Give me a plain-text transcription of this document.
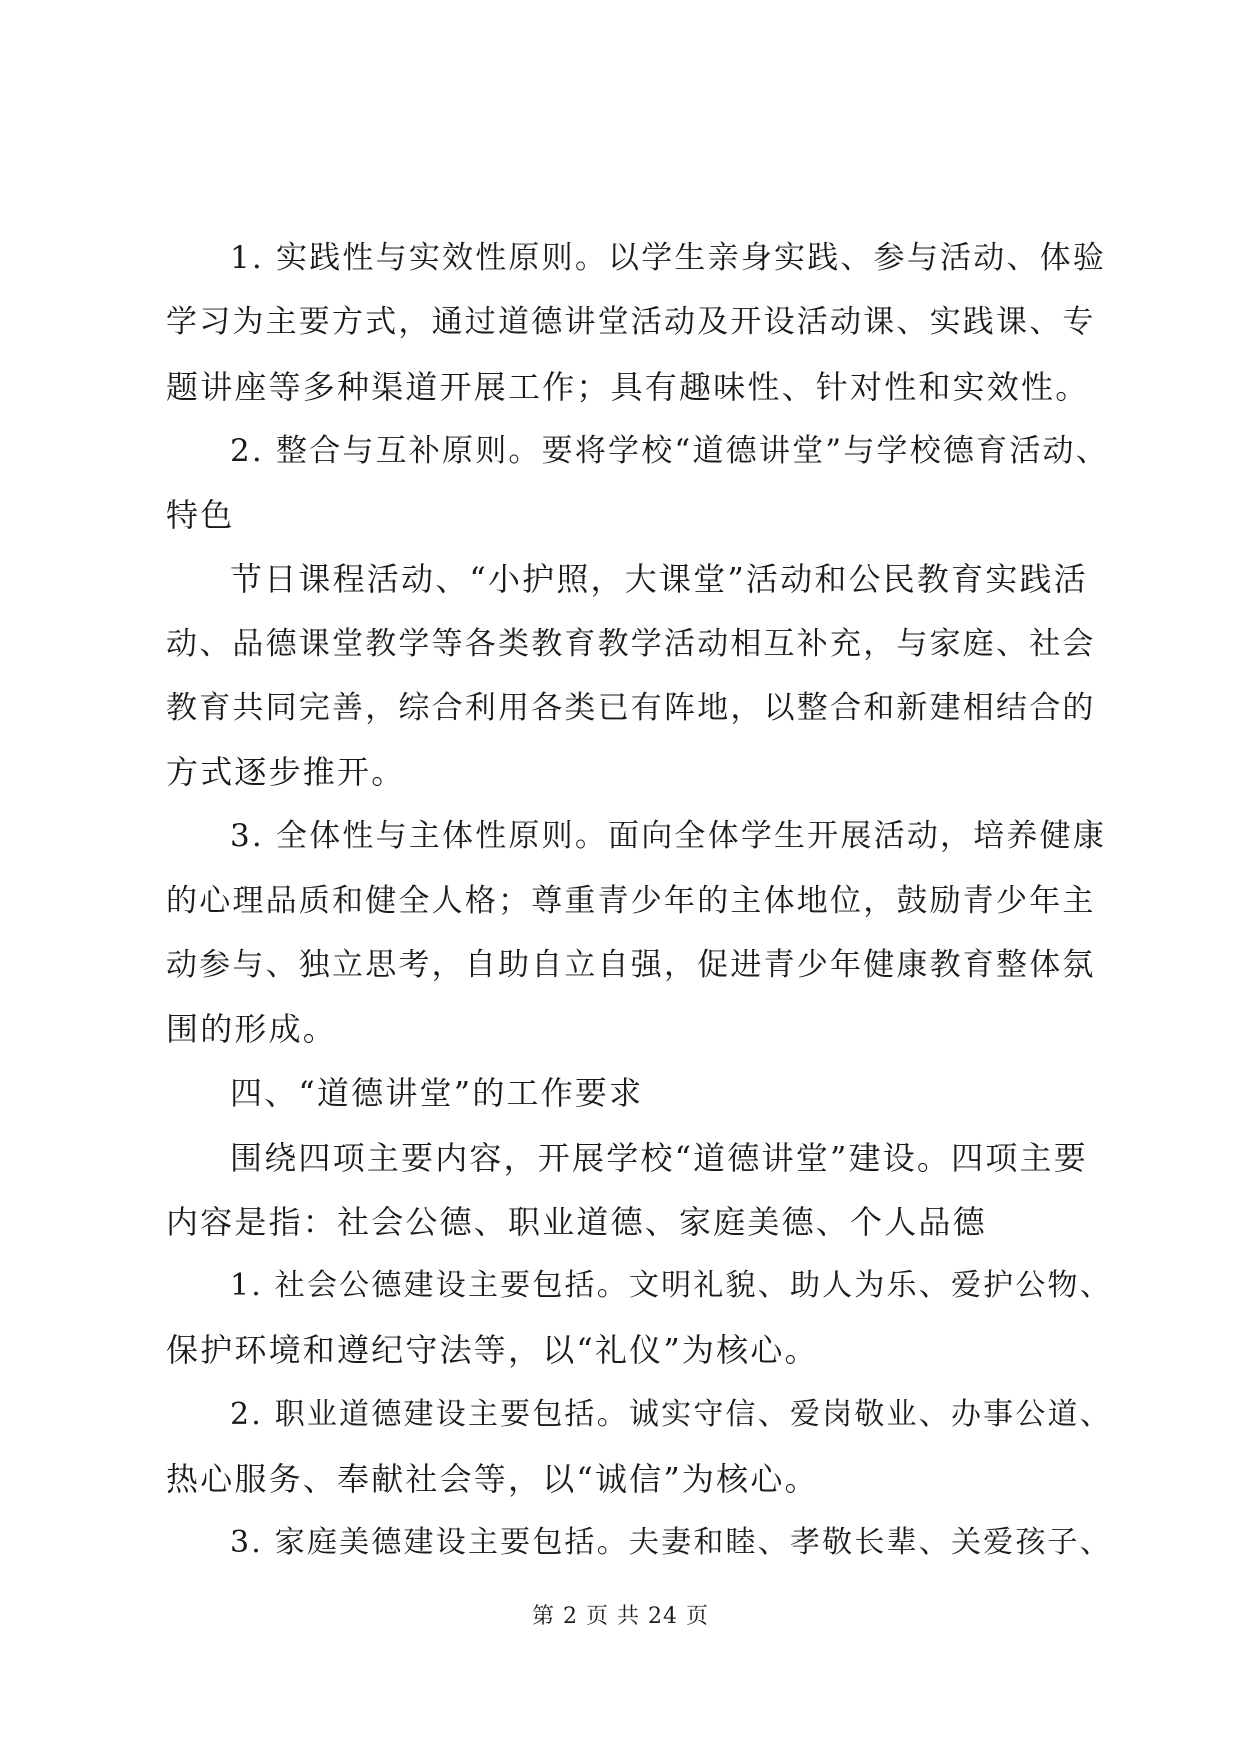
1. 实践性与实效性原则。以学生亲身实践、参与活动、体验
学习为主要方式，通过道德讲堂活动及开设活动课、实践课、专
题讲座等多种渠道开展工作；具有趣味性、针对性和实效性。
2. 整合与互补原则。要将学校“道德讲堂”与学校德育活动、
特色
节日课程活动、“小护照，大课堂”活动和公民教育实践活
动、品德课堂教学等各类教育教学活动相互补充，与家庭、社会
教育共同完善，综合利用各类已有阵地，以整合和新建相结合的
方式逐步推开。
3. 全体性与主体性原则。面向全体学生开展活动，培养健康
的心理品质和健全人格；尊重青少年的主体地位，鼓励青少年主
动参与、独立思考，自助自立自强，促进青少年健康教育整体氛
围的形成。
四、“道德讲堂”的工作要求
围绕四项主要内容，开展学校“道德讲堂”建设。四项主要
内容是指：社会公德、职业道德、家庭美德、个人品德
1. 社会公德建设主要包括。文明礼貌、助人为乐、爱护公物、
保护环境和遵纪守法等，以“礼仪”为核心。
2. 职业道德建设主要包括。诚实守信、爱岗敬业、办事公道、
热心服务、奉献社会等，以“诚信”为核心。
3. 家庭美德建设主要包括。夫妻和睦、孝敬长辈、关爱孩子、
第 2 页 共 24 页
